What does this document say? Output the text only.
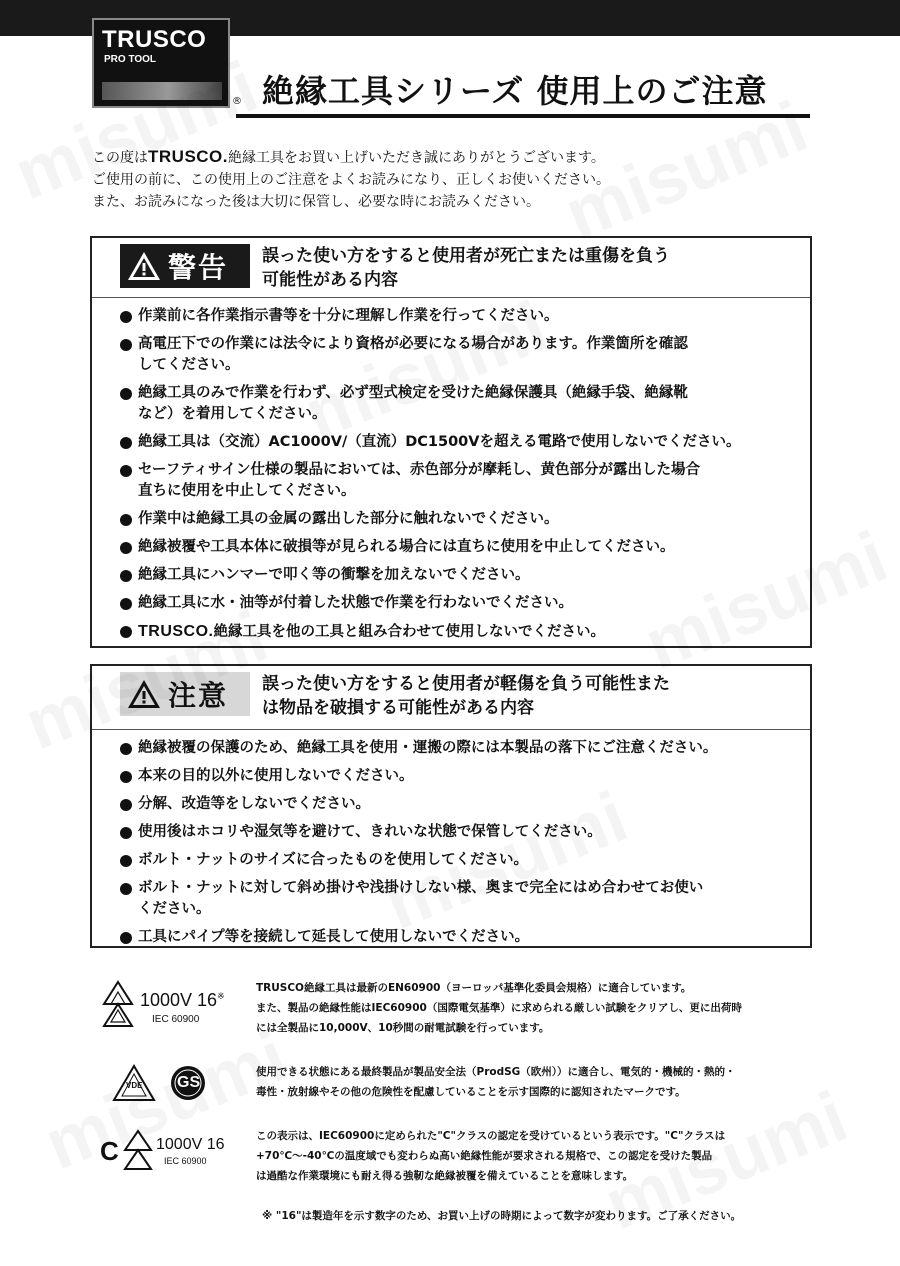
TRUSCO
PRO TOOL
® 絶縁工具シリーズ 使用上のご注意

この度はTRUSCO.絶縁工具をお買い上げいただき誠にありがとうございます。

ご使用の前に、この使用上のご注意をよくお読みになり、正しくお使いください。

また、お読みになった後は大切に保管し、必要な時にお読みください。

警告 誤った使い方をすると使用者が死亡または重傷を負う

可能性がある内容

作業前に各作業指示書等を十分に理解し作業を行ってください。
高電圧下での作業には法令により資格が必要になる場合があります。作業箇所を確認
してください。
絶縁工具のみで作業を行わず、必ず型式検定を受けた絶縁保護具（絶縁手袋、絶縁靴
など）を着用してください。
絶縁工具は（交流）AC1000V/（直流）DC1500Vを超える電路で使用しないでください。
セーフティサイン仕様の製品においては、赤色部分が摩耗し、黄色部分が露出した場合
直ちに使用を中止してください。
作業中は絶縁工具の金属の露出した部分に触れないでください。
絶縁被覆や工具本体に破損等が見られる場合には直ちに使用を中止してください。
絶縁工具にハンマーで叩く等の衝撃を加えないでください。
絶縁工具に水・油等が付着した状態で作業を行わないでください。
TRUSCO.絶縁工具を他の工具と組み合わせて使用しないでください。
注意 誤った使い方をすると使用者が軽傷を負う可能性また

は物品を破損する可能性がある内容

絶縁被覆の保護のため、絶縁工具を使用・運搬の際には本製品の落下にご注意ください。
本来の目的以外に使用しないでください。
分解、改造等をしないでください。
使用後はホコリや湿気等を避けて、きれいな状態で保管してください。
ボルト・ナットのサイズに合ったものを使用してください。
ボルト・ナットに対して斜め掛けや浅掛けしない様、奥まで完全にはめ合わせてお使い
ください。
工具にパイプ等を接続して延長して使用しないでください。
1000V 16※
IEC 60900

TRUSCO絶縁工具は最新のEN60900（ヨーロッパ基準化委員会規格）に適合しています。

また、製品の絶縁性能はIEC60900（国際電気基準）に求められる厳しい試験をクリアし、更に出荷時

には全製品に10,000V、10秒間の耐電試験を行っています。

VDE GS

使用できる状態にある最終製品が製品安全法（ProdSG（欧州））に適合し、電気的・機械的・熱的・

毒性・放射線やその他の危険性を配慮していることを示す国際的に認知されたマークです。

C 1000V 16
IEC 60900

この表示は、IEC60900に定められた"C"クラスの認定を受けているという表示です。"C"クラスは

+70℃～-40℃の温度域でも変わらぬ高い絶縁性能が要求される規格で、この認定を受けた製品

は過酷な作業環境にも耐え得る強靭な絶縁被覆を備えていることを意味します。

※ "16"は製造年を示す数字のため、お買い上げの時期によって数字が変わります。ご了承ください。
